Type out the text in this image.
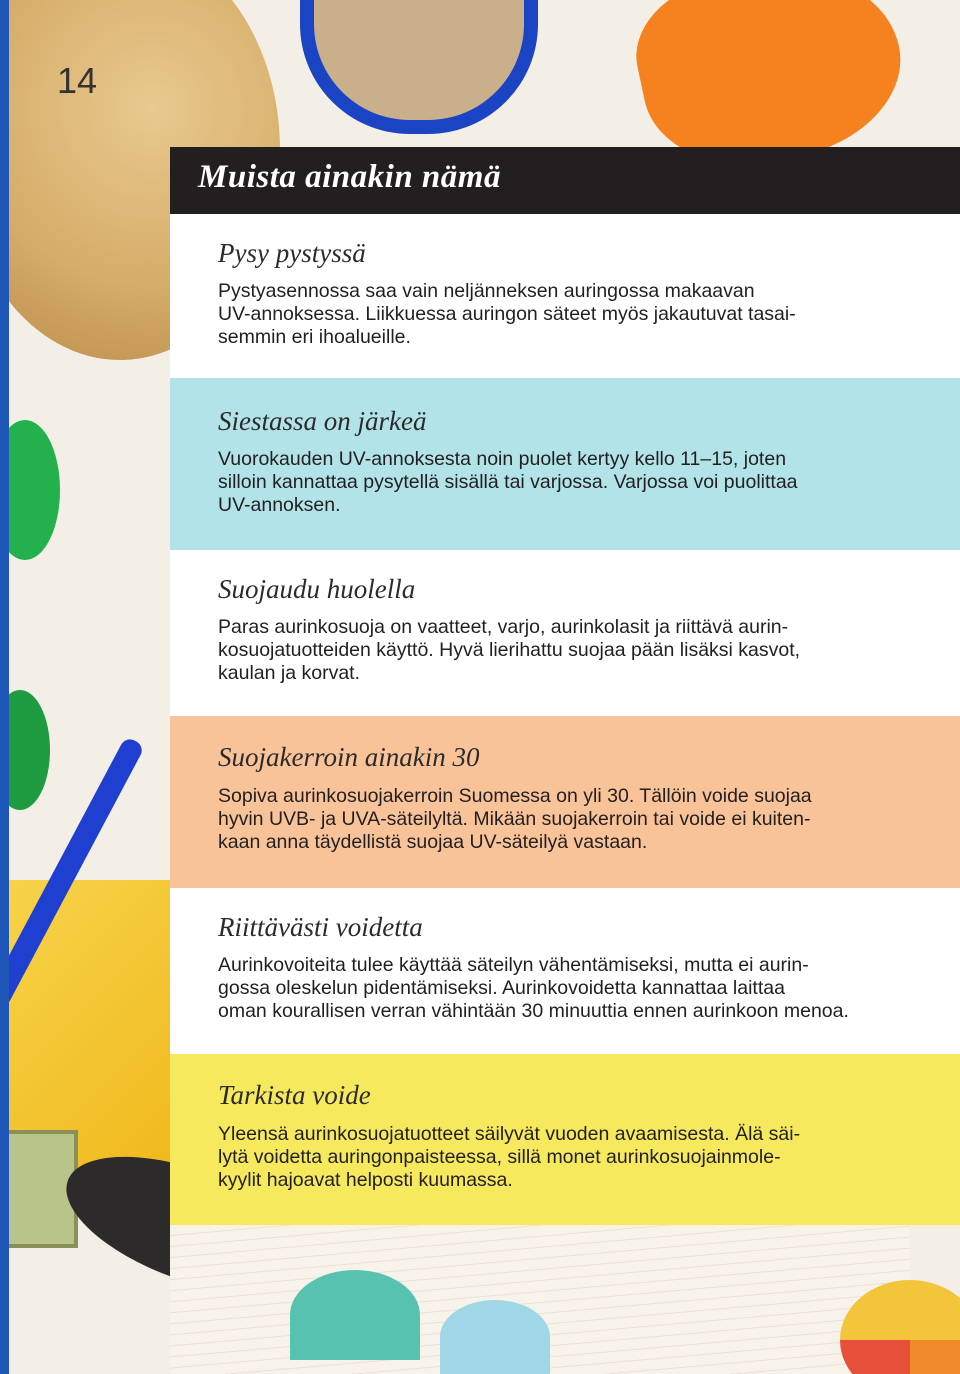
14
Muista ainakin nämä
Pysy pystyssä

Pystyasennossa saa vain neljänneksen auringossa makaavan
UV-annoksessa. Liikkuessa auringon säteet myös jakautuvat tasai-
semmin eri ihoalueille.

Siestassa on järkeä

Vuorokauden UV-annoksesta noin puolet kertyy kello 11–15, joten
silloin kannattaa pysytellä sisällä tai varjossa. Varjossa voi puolittaa
UV-annoksen.

Suojaudu huolella

Paras aurinkosuoja on vaatteet, varjo, aurinkolasit ja riittävä aurin-
kosuojatuotteiden käyttö. Hyvä lierihattu suojaa pään lisäksi kasvot,
kaulan ja korvat.

Suojakerroin ainakin 30

Sopiva aurinkosuojakerroin Suomessa on yli 30. Tällöin voide suojaa
hyvin UVB- ja UVA-säteilyltä. Mikään suojakerroin tai voide ei kuiten-
kaan anna täydellistä suojaa UV-säteilyä vastaan.

Riittävästi voidetta

Aurinkovoiteita tulee käyttää säteilyn vähentämiseksi, mutta ei aurin-
gossa oleskelun pidentämiseksi. Aurinkovoidetta kannattaa laittaa
oman kourallisen verran vähintään 30 minuuttia ennen aurinkoon menoa.

Tarkista voide

Yleensä aurinkosuojatuotteet säilyvät vuoden avaamisesta. Älä säi-
lytä voidetta auringonpaisteessa, sillä monet aurinkosuojainmole-
kyylit hajoavat helposti kuumassa.
